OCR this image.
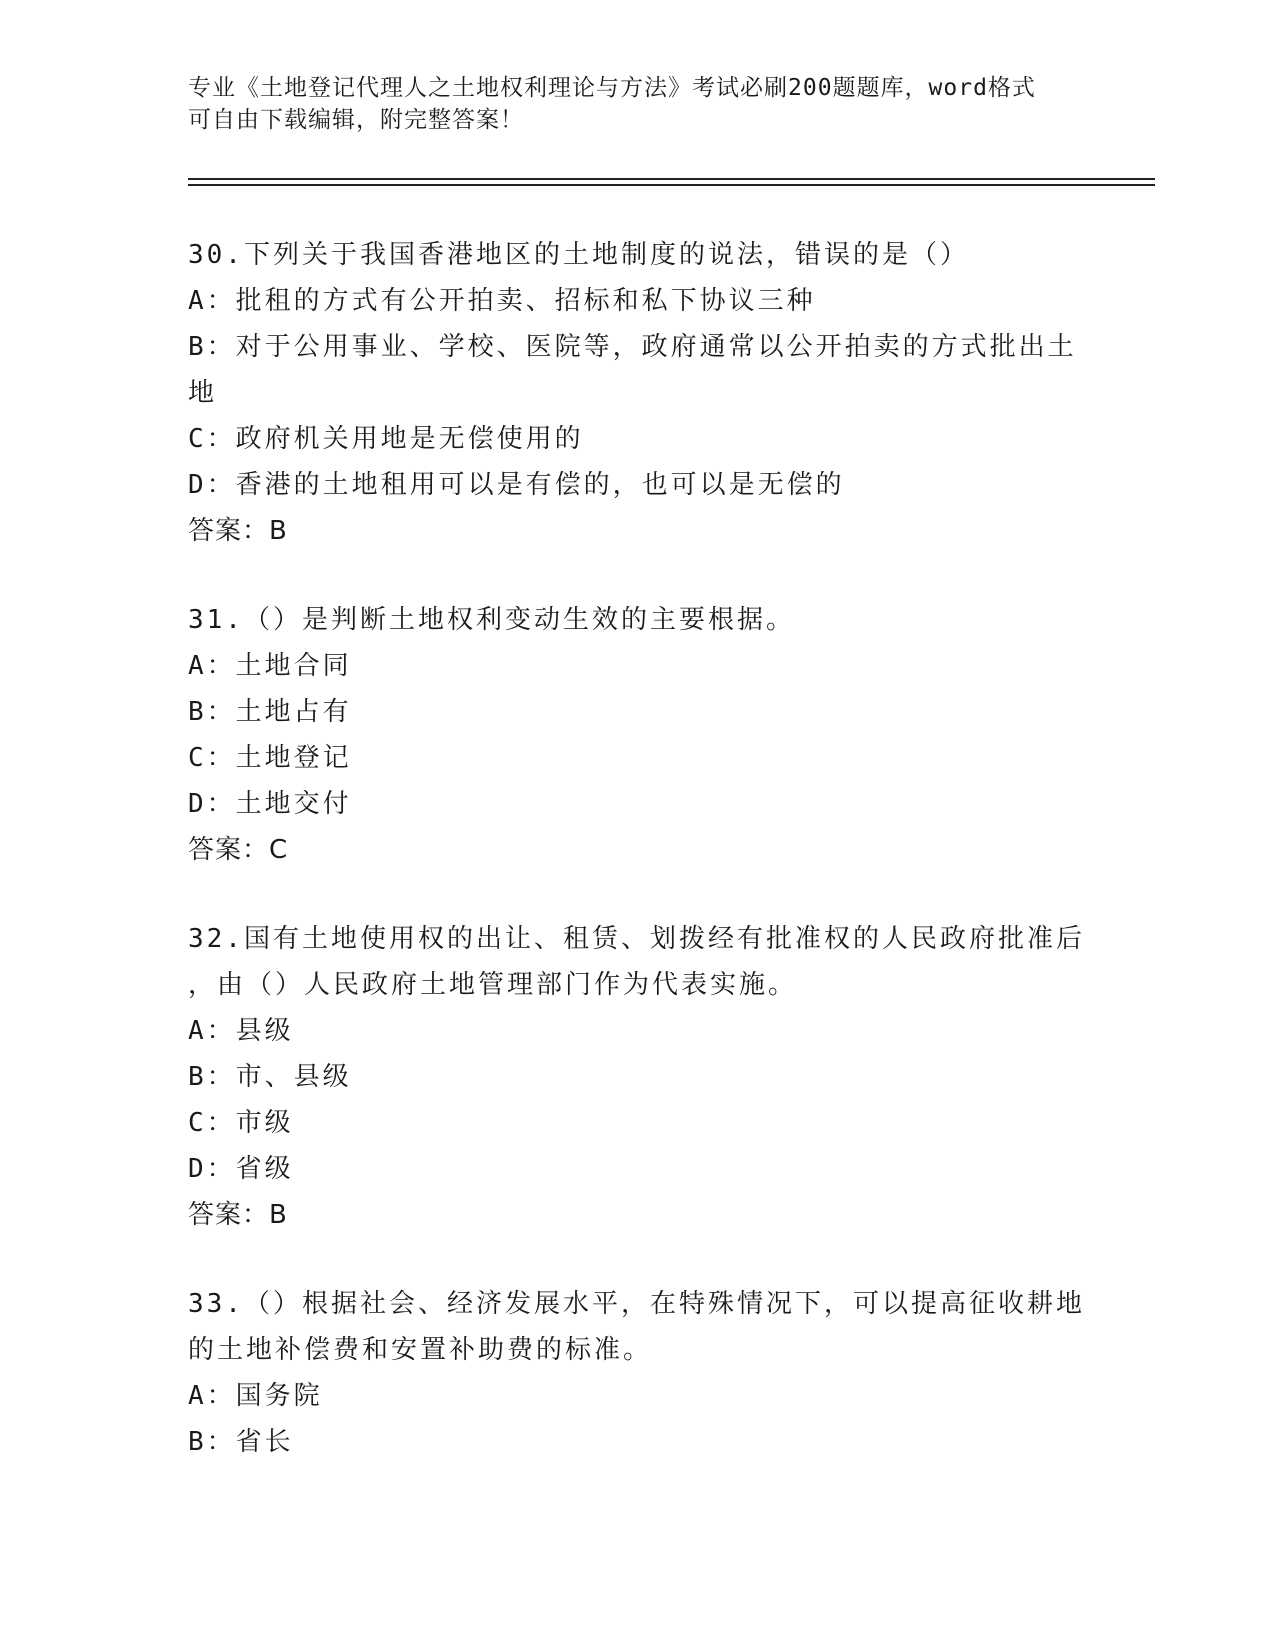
专业《土地登记代理人之土地权利理论与方法》考试必刷200题题库，word格式
可自由下载编辑，附完整答案！
30.下列关于我国香港地区的土地制度的说法，错误的是（）
A：批租的方式有公开拍卖、招标和私下协议三种
B：对于公用事业、学校、医院等，政府通常以公开拍卖的方式批出土
地
C：政府机关用地是无偿使用的
D：香港的土地租用可以是有偿的，也可以是无偿的
答案：B
31.（）是判断土地权利变动生效的主要根据。
A：土地合同
B：土地占有
C：土地登记
D：土地交付
答案：C
32.国有土地使用权的出让、租赁、划拨经有批准权的人民政府批准后
，由（）人民政府土地管理部门作为代表实施。
A：县级
B：市、县级
C：市级
D：省级
答案：B
33.（）根据社会、经济发展水平，在特殊情况下，可以提高征收耕地
的土地补偿费和安置补助费的标准。
A：国务院
B：省长
